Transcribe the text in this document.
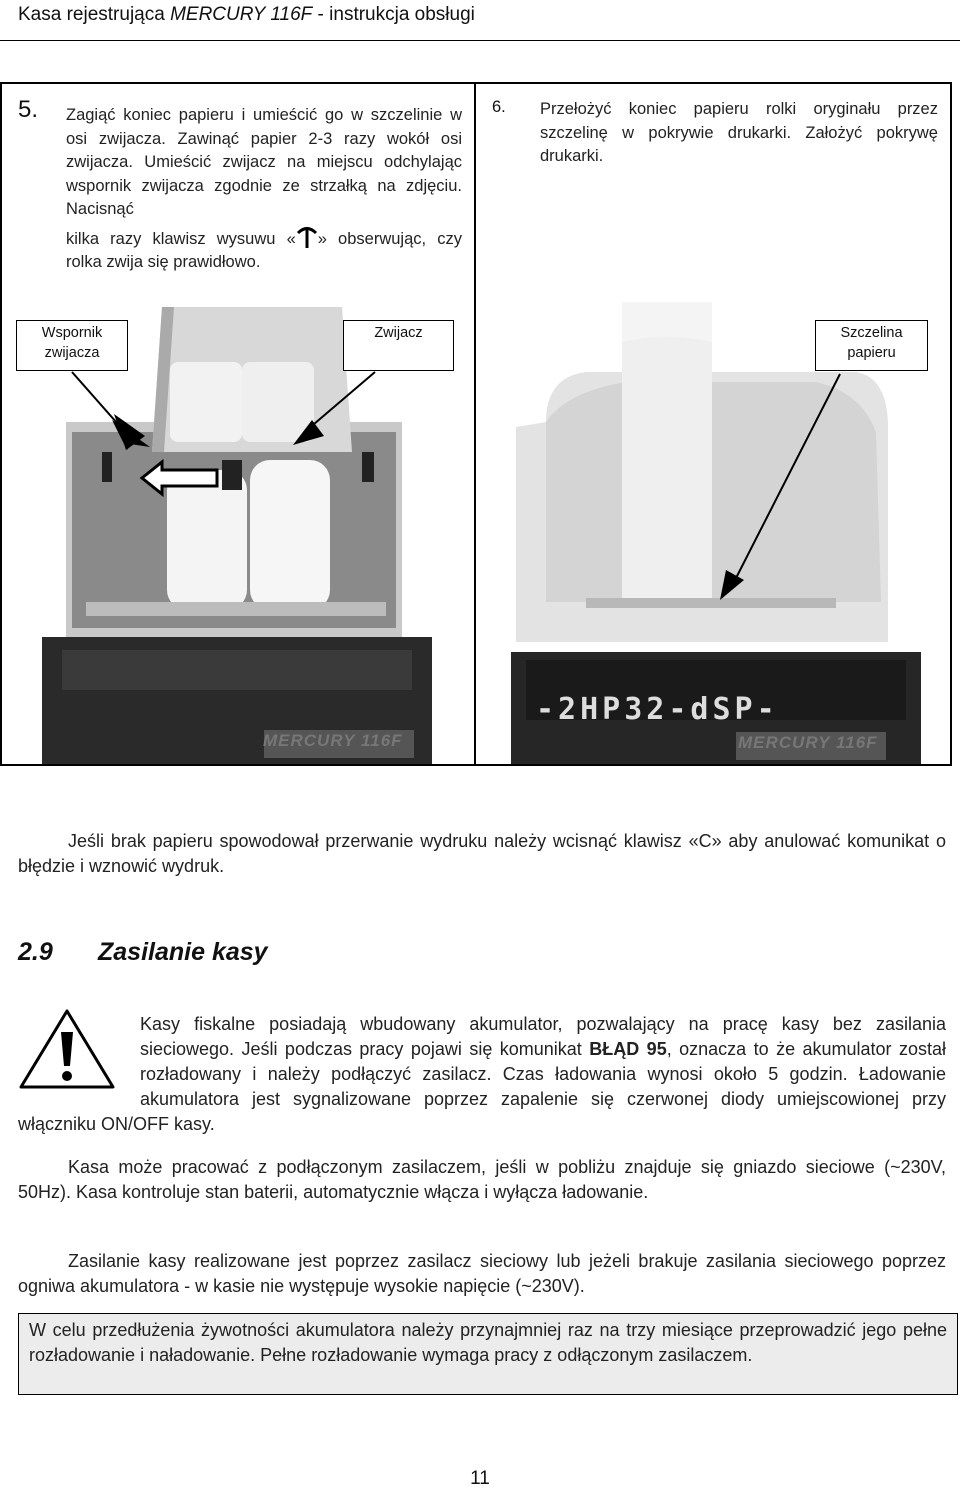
Kasa rejestrująca MERCURY 116F - instrukcja obsługi
5. Zagiąć koniec papieru i umieścić go w szczelinie w osi zwijacza. Zawinąć papier 2-3 razy wokół osi zwijacza. Umieścić zwijacz na miejscu odchylając wspornik zwijacza zgodnie ze strzałką na zdjęciu. Nacisnąć

kilka razy klawisz wysuwu « » obserwując, czy rolka zwija się prawidłowo.

6. Przełożyć koniec papieru rolki oryginału przez szczelinę w pokrywie drukarki. Założyć pokrywę drukarki.
MERCURY 116F
-2HP32-dSP-
MERCURY 116F
Wspornik zwijacza
Zwijacz	Szczelina papieru
Jeśli brak papieru spowodował przerwanie wydruku należy wcisnąć klawisz «C» aby anulować komunikat o błędzie i wznowić wydruk.
2.9 Zasilanie kasy
Kasy fiskalne posiadają wbudowany akumulator, pozwalający na pracę kasy bez zasilania sieciowego. Jeśli podczas pracy pojawi się komunikat BŁĄD 95, oznacza to że akumulator został rozładowany i należy podłączyć zasilacz. Czas ładowania wynosi około 5 godzin. Ładowanie akumulatora jest sygnalizowane poprzez zapalenie się czerwonej diody umiejscowionej przy włączniku ON/OFF kasy.
Kasa może pracować z podłączonym zasilaczem, jeśli w pobliżu znajduje się gniazdo sieciowe (~230V, 50Hz). Kasa kontroluje stan baterii, automatycznie włącza i wyłącza ładowanie.
Zasilanie kasy realizowane jest poprzez zasilacz sieciowy lub jeżeli brakuje zasilania sieciowego poprzez ogniwa akumulatora - w kasie nie występuje wysokie napięcie (~230V).
W celu przedłużenia żywotności akumulatora należy przynajmniej raz na trzy miesiące przeprowadzić jego pełne rozładowanie i naładowanie. Pełne rozładowanie wymaga pracy z odłączonym zasilaczem.
11
